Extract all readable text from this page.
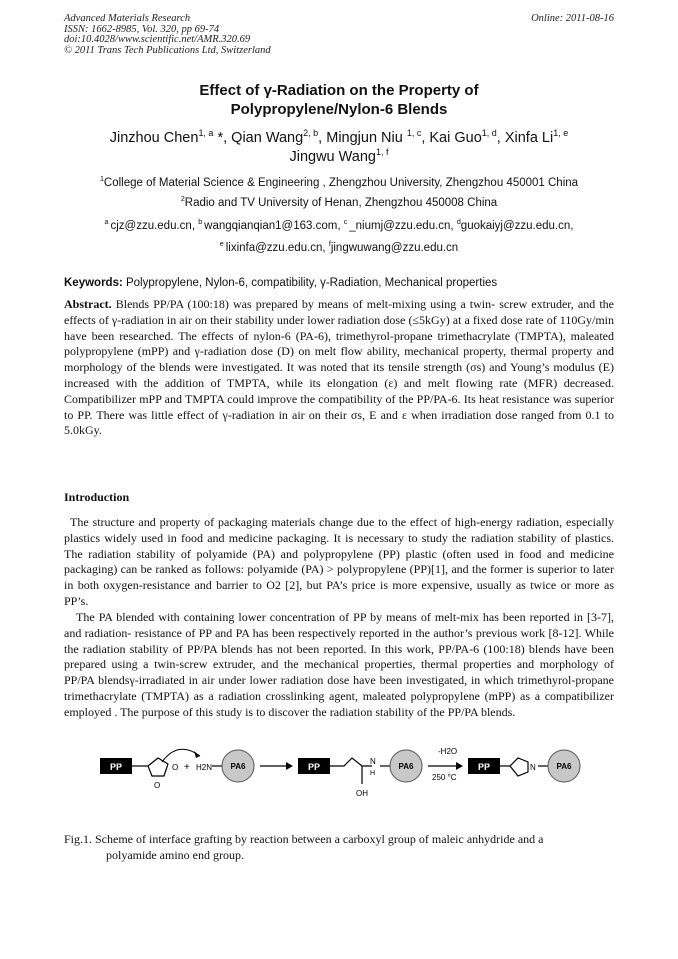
Advanced Materials Research
ISSN: 1662-8985, Vol. 320, pp 69-74
doi:10.4028/www.scientific.net/AMR.320.69
© 2011 Trans Tech Publications Ltd, Switzerland
Online: 2011-08-16
Effect of γ-Radiation on the Property of
Polypropylene/Nylon-6 Blends
Jinzhou Chen$^{1, a}$ *, Qian Wang$^{2, b}$, Mingjun Niu $^{1, c}$, Kai Guo$^{1, d}$, Xinfa Li$^{1, e}$
Jingwu Wang$^{1, f}$
$^1$College of Material Science & Engineering , Zhengzhou University, Zhengzhou 450001 China
$^2$Radio and TV University of Henan, Zhengzhou 450008 China
$^a$ cjz@zzu.edu.cn, $^b$ wangqianqian1@163.com, $^c$ _niumj@zzu.edu.cn, $^d$guokaiyj@zzu.edu.cn,
$^e$ lixinfa@zzu.edu.cn, $^f$jingwuwang@zzu.edu.cn
Keywords: Polypropylene, Nylon-6, compatibility, γ-Radiation, Mechanical properties
Abstract. Blends PP/PA (100:18) was prepared by means of melt-mixing using a twin- screw extruder, and the effects of γ-radiation in air on their stability under lower radiation dose (≤5kGy) at a fixed dose rate of 110Gy/min have been researched. The effects of nylon-6 (PA-6), trimethyrol-propane trimethacrylate (TMPTA), maleated polypropylene (mPP) and γ-radiation dose (D) on melt flow ability, mechanical property, thermal property and morphology of the blends were investigated. It was noted that its tensile strength (σs) and Young’s modulus (E) increased with the addition of TMPTA, while its elongation (ε) and melt flowing rate (MFR) decreased. Compatibilizer mPP and TMPTA could improve the compatibility of the PP/PA-6. Its heat resistance was superior to PP. There was little effect of γ-radiation in air on their σs, E and ε when irradiation dose ranged from 0.1 to 5.0kGy.
Introduction
The structure and property of packaging materials change due to the effect of high-energy radiation, especially plastics widely used in food and medicine packaging. It is necessary to study the radiation stability of plastics. The radiation stability of polyamide (PA) and polypropylene (PP) plastic (often used in food and medicine packaging) can be ranked as follows: polyamide (PA) > polypropylene (PP)[1], and the former is superior to later in both oxygen-resistance and barrier to O2 [2], but PA’s price is more expensive, usually as twice or more as PP’s.
The PA blended with containing lower concentration of PP by means of melt-mix has been reported in [3-7], and radiation- resistance of PP and PA has been respectively reported in the author’s previous work [8-12]. While the radiation stability of PP/PA blends has not been reported. In this work, PP/PA-6 (100:18) blends have been prepared using a twin-screw extruder, and the mechanical properties, thermal properties and morphology of PP/PA blendsγ-irradiated in air under lower radiation dose have been investigated, in which trimethyrol-propane trimethacrylate (TMPTA) as a radiation crosslinking agent, maleated polypropylene (mPP) as a compatibilizer employed . The purpose of this study is to discover the radiation stability of the PP/PA blends.
PP	O
O
+ H2N PA6	PP
OH
N
H
PA6
-H2O
250 °C
PP	N	PA6
Fig.1. Scheme of interface grafting by reaction between a carboxyl group of maleic anhydride and a
polyamide amino end group.
